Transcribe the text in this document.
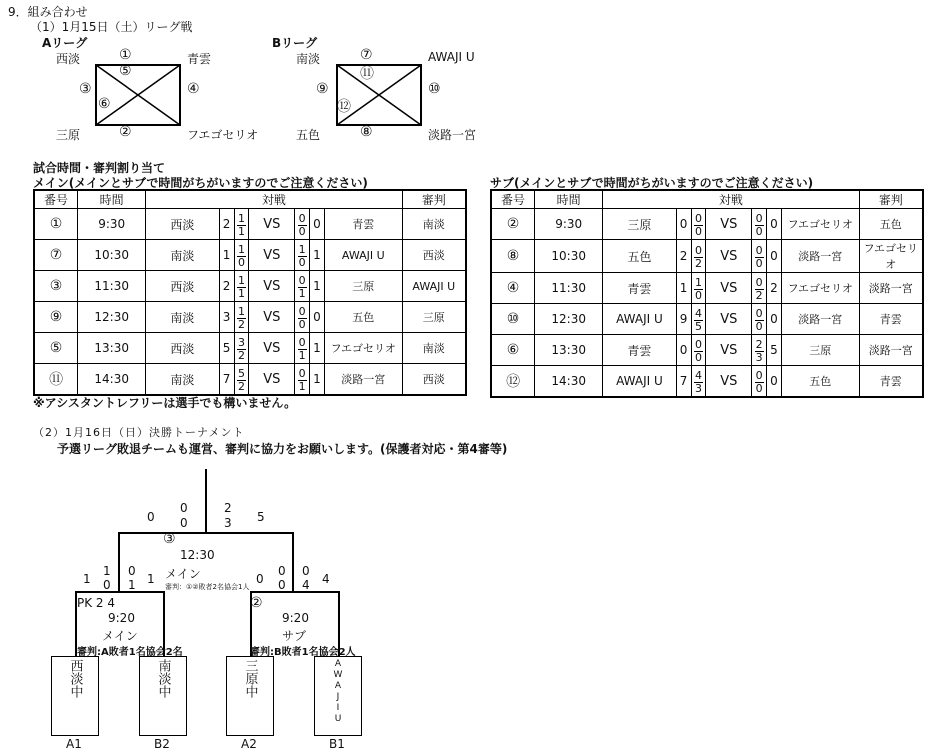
9．組み合わせ
（1）1月15日（土）リーグ戦
Aリーグ
西淡	青雲
三原	フエゴセリオ
①
⑤
③
⑥
④
②
Bリーグ
南淡	AWAJI U
五色	淡路一宮
⑦
⑪
⑨
⑫
⑩
⑧
試合時間・審判割り当て
メイン(メインとサブで時間がちがいますのでご注意ください)	サブ(メインとサブで時間がちがいますのでご注意ください)
番号	時間	対戦							審判
①	9:30	西淡	2	$\frac{1}{1}$	VS	$\frac{0}{0}$	0	青雲	南淡
⑦	10:30	南淡	1	$\frac{1}{0}$	VS	$\frac{1}{0}$	1	AWAJI U	西淡
③	11:30	西淡	2	$\frac{1}{1}$	VS	$\frac{0}{1}$	1	三原	AWAJI U
⑨	12:30	南淡	3	$\frac{1}{2}$	VS	$\frac{0}{0}$	0	五色	三原
⑤	13:30	西淡	5	$\frac{3}{2}$	VS	$\frac{0}{1}$	1	フエゴセリオ	南淡
⑪	14:30	南淡	7	$\frac{5}{2}$	VS	$\frac{0}{1}$	1	淡路一宮	西淡
番号	時間	対戦							審判
②	9:30	三原	0	$\frac{0}{0}$	VS	$\frac{0}{0}$	0	フエゴセリオ	五色
⑧	10:30	五色	2	$\frac{0}{2}$	VS	$\frac{0}{0}$	0	淡路一宮	フエゴセリオ
④	11:30	青雲	1	$\frac{1}{0}$	VS	$\frac{0}{2}$	2	フエゴセリオ	淡路一宮
⑩	12:30	AWAJI U	9	$\frac{4}{5}$	VS	$\frac{0}{0}$	0	淡路一宮	青雲
⑥	13:30	青雲	0	$\frac{0}{0}$	VS	$\frac{2}{3}$	5	三原	淡路一宮
⑫	14:30	AWAJI U	7	$\frac{4}{3}$	VS	$\frac{0}{0}$	0	五色	青雲
※アシスタントレフリーは選手でも構いません。
（2）1月16日（日）決勝トーナメント
予選リーグ敗退チームも運営、審判に協力をお願いします。(保護者対応・第4審等)
0
0
0
2
3 5
③
12:30
メイン
審判：①②敗者2名協会1人
1
1
0
0
1 1
PK 2 4
9:20
メイン
審判:A敗者1名協会2名
0
0
0
0
4 4
②
9:20
サブ
審判:B敗者1名協会2人
西淡中	南淡中	三原中	A
W
A
J
I
U
A1	B2	A2	B1
